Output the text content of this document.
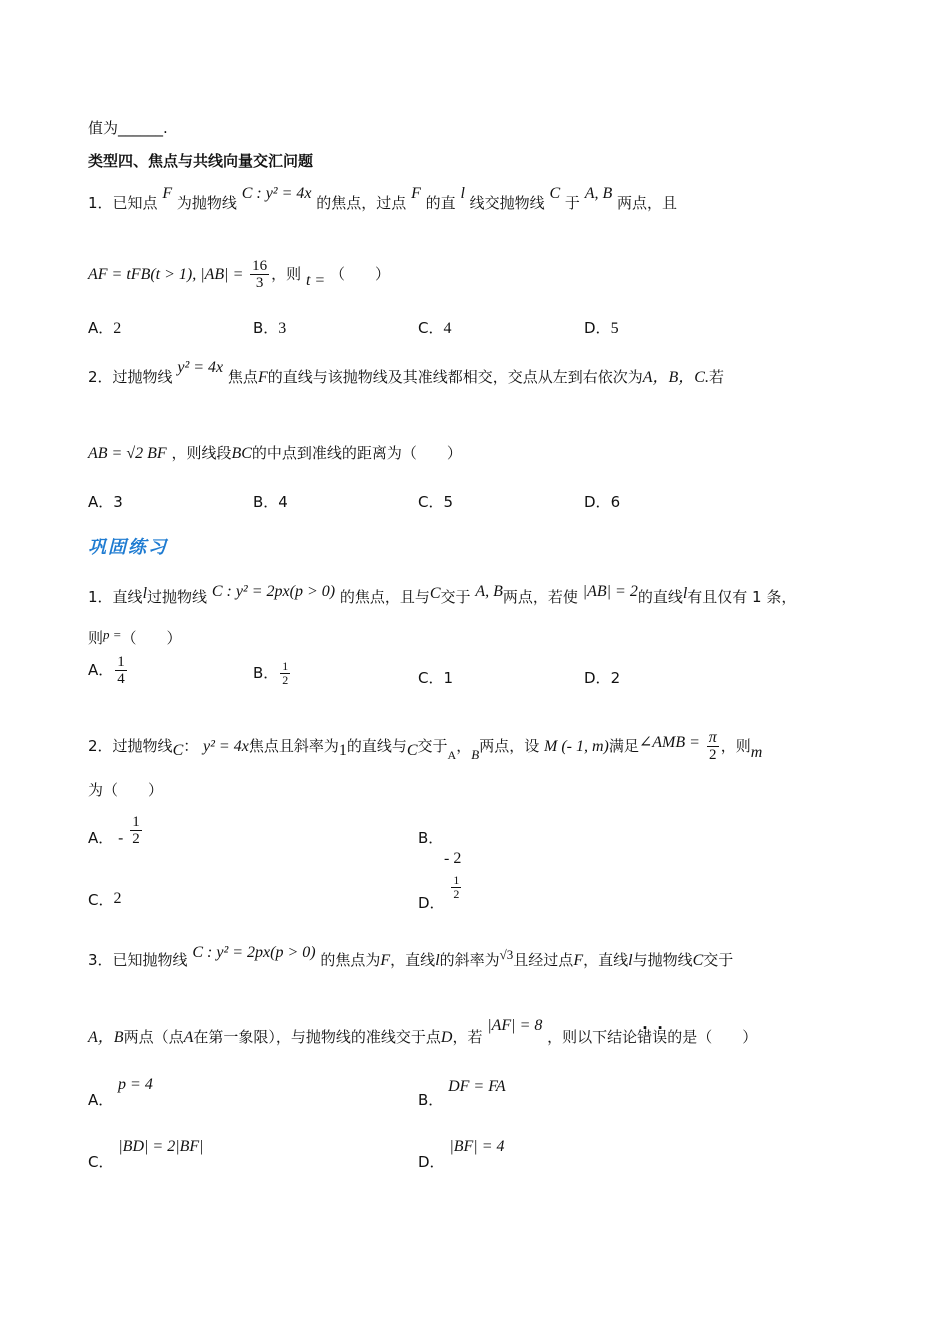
值为______.
类型四、焦点与共线向量交汇问题
1．已知点 F 为抛物线 C : y² = 4x 的焦点，过点 F 的直 l 线交抛物线 C 于 A, B 两点，且
AF = tFB(t > 1), $|AB| = \frac{16}{3}$ ，则 t = （　　）
A．2	B．3	C．4	D．5
2．过抛物线 y² = 4x 焦点F的直线与该抛物线及其准线都相交，交点从左到右依次为A，B，C.若
AB = √2 BF ，则线段BC的中点到准线的距离为（　　）
A．3	B．4	C．5	D．6
巩固练习
1．直线l过抛物线 C : y² = 2px(p > 0) 的焦点，且与C交于 A, B两点，若使 |AB| = 2的直线l有且仅有 1 条，
则p =（　　）
A． $\frac{1}{4}$	B． $\frac{1}{2}$	C．1	D．2
2．过抛物线C： y² = 4x焦点且斜率为1的直线与C交于$_A$，B两点，设 M (- 1, m)满足∠AMB = $\frac{\pi}{2}$ ，则m
为（　　）
A． - $\frac{1}{2}$	B．
- 2
C．2	D．
$\frac{1}{2}$
3．已知抛物线 C : y² = 2px(p > 0) 的焦点为F，直线l的斜率为√3且经过点F，直线l与抛物线C交于
A，B两点（点A在第一象限），与抛物线的准线交于点D，若 |AF| = 8 ，则以下结论错误的是（　　）
A． p = 4
B． DF = FA
C． |BD| = 2|BF|
D． |BF| = 4
